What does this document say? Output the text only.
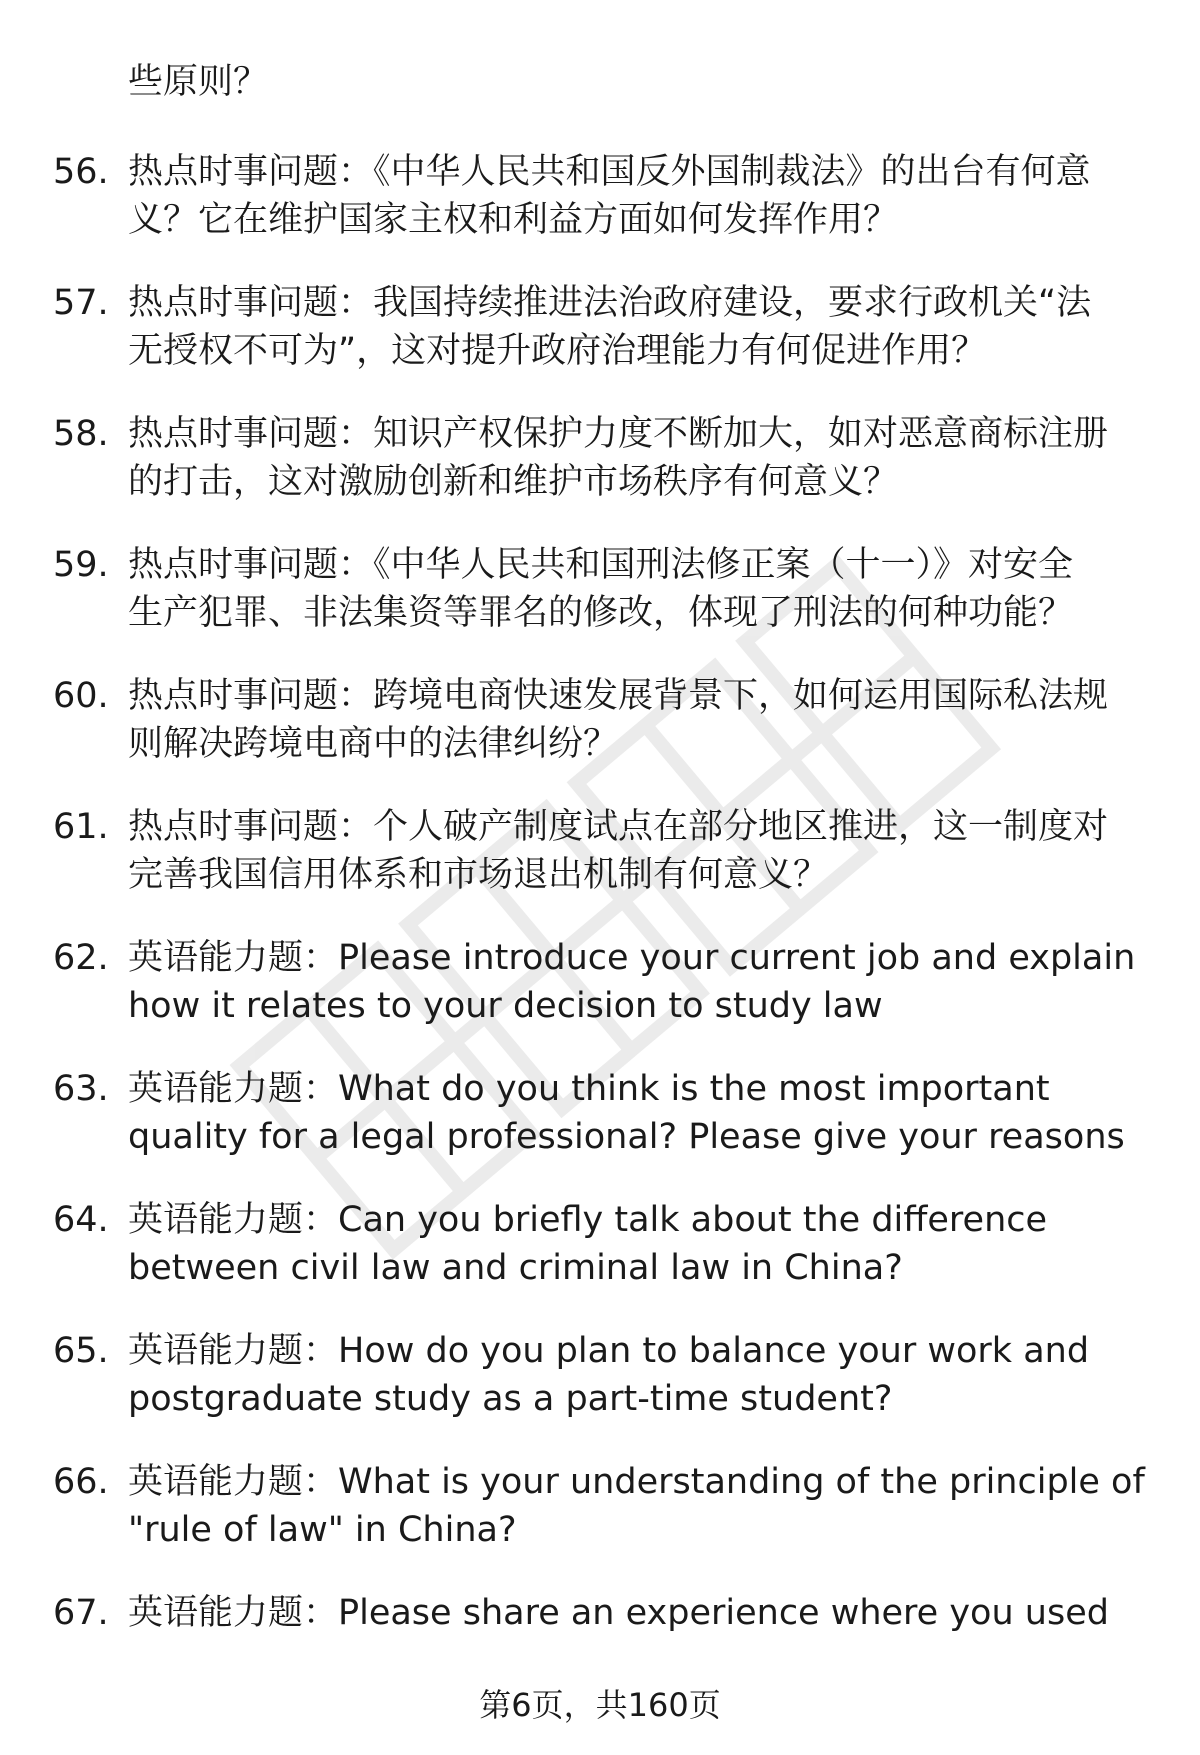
些原则？
56. 热点时事问题：《中华人民共和国反外国制裁法》的出台有何意
义？它在维护国家主权和利益方面如何发挥作用？

57. 热点时事问题：我国持续推进法治政府建设，要求行政机关“法
无授权不可为”，这对提升政府治理能力有何促进作用？

58. 热点时事问题：知识产权保护力度不断加大，如对恶意商标注册
的打击，这对激励创新和维护市场秩序有何意义？

59. 热点时事问题：《中华人民共和国刑法修正案（十一）》对安全
生产犯罪、非法集资等罪名的修改，体现了刑法的何种功能？

60. 热点时事问题：跨境电商快速发展背景下，如何运用国际私法规
则解决跨境电商中的法律纠纷？

61. 热点时事问题：个人破产制度试点在部分地区推进，这一制度对
完善我国信用体系和市场退出机制有何意义？

62. 英语能力题：Please introduce your current job and explain
how it relates to your decision to study law

63. 英语能力题：What do you think is the most important
quality for a legal professional? Please give your reasons

64. 英语能力题：Can you briefly talk about the difference
between civil law and criminal law in China?

65. 英语能力题：How do you plan to balance your work and
postgraduate study as a part-time student?

66. 英语能力题：What is your understanding of the principle of
"rule of law" in China?

67. 英语能力题：Please share an experience where you used

第6页，共160页
